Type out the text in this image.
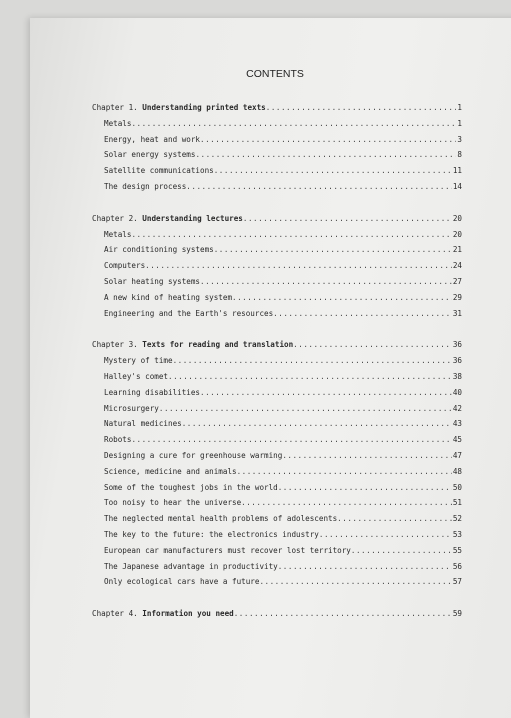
CONTENTS
Chapter 1. Understanding printed texts .....	1
Metals .....	1
Energy, heat and work .....	3
Solar energy systems .....	8
Satellite communications .....	11
The design process .....	14
Chapter 2. Understanding lectures .....	20
Metals .....	20
Air conditioning systems .....	21
Computers .....	24
Solar heating systems .....	27
A new kind of heating system .....	29
Engineering and the Earth's resources .....	31
Chapter 3. Texts for reading and translation .....	36
Mystery of time .....	36
Halley's comet .....	38
Learning disabilities .....	40
Microsurgery .....	42
Natural medicines .....	43
Robots .....	45
Designing a cure for greenhouse warming .....	47
Science, medicine and animals .....	48
Some of the toughest jobs in the world .....	50
Too noisy to hear the universe .....	51
The neglected mental health problems of adolescents .....	52
The key to the future: the electronics industry .....	53
European car manufacturers must recover lost territory .....	55
The Japanese advantage in productivity .....	56
Only ecological cars have a future .....	57
Chapter 4. Information you need .....	59
